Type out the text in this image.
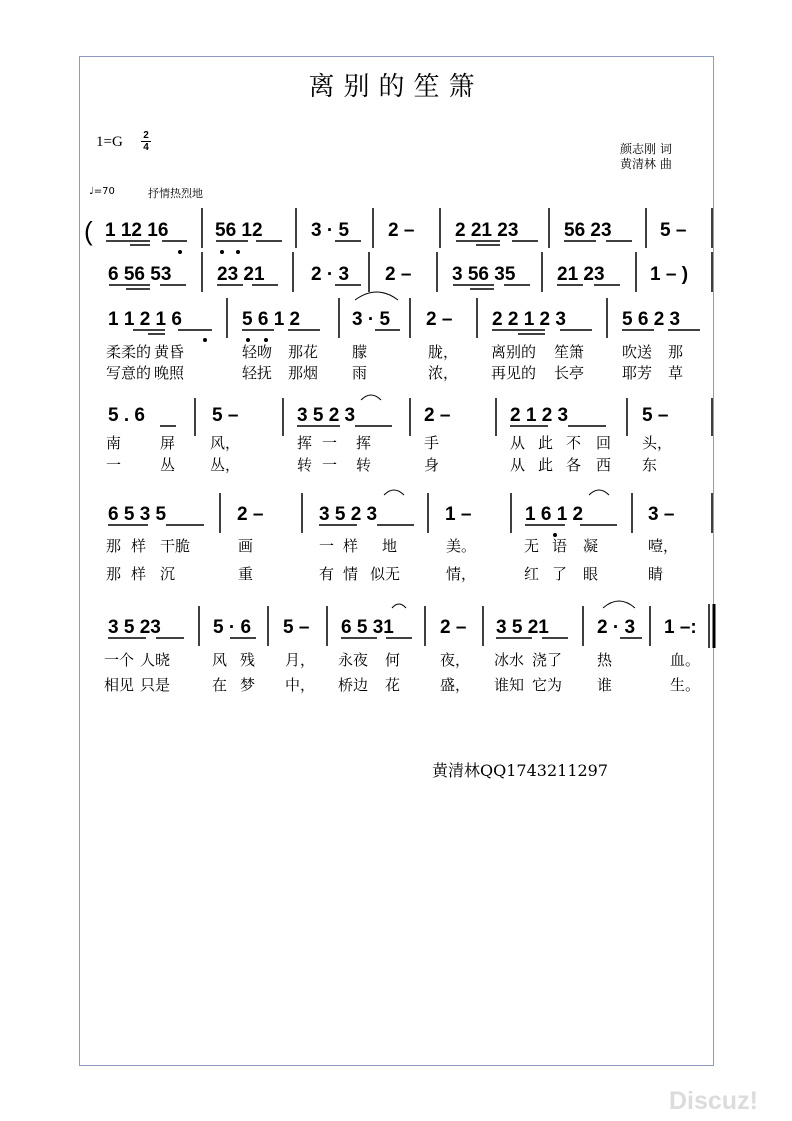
离别的笙箫
1=G	2
4	颜志刚 词
黄清林 曲
♩=70	抒情热烈地
( 1 12 16 56 12	3 · 5 2 – 2 21 23 56 23	5 –
6 56 53 23 21 2 · 3 2 – 3 56 35 21 23 1 – )
1 1 2 1 6	5 6 1 2	3 · 5 2 – 2 2 1 2 3	5 6 2 3
柔柔的 黄昏	轻吻 那花 朦	胧， 离别的 笙箫	吹送 那
写意的 晚照	轻抚 那烟 雨	浓， 再见的 长亭	耶芳 草
5 . 6	5 –	3 5 2 3	2 –	2 1 2 3	5 –
南	屏 风，	挥 一 挥	手	从 此 不 回 头，
一	丛 丛，	转 一 转	身	从 此 各 西 东
6 5 3 5	2 –	3 5 2 3	1 –	1 6 1 2	3 –
那 样 干脆	画	一 样 地	美。	无 语 凝	噎，
那 样 沉	重	有 情 似无	情，	红 了 眼	睛
3 5 23	5 · 6 5 – 6 5 31 2 – 3 5 21	2 · 3 1 –:
一个 人晓	风 残 月， 永夜 何	夜， 冰水 浇了 热	血。
相见 只是	在 梦 中， 桥边 花	盛， 谁知 它为 谁	生。
Discuz!
黄清林QQ1743211297
